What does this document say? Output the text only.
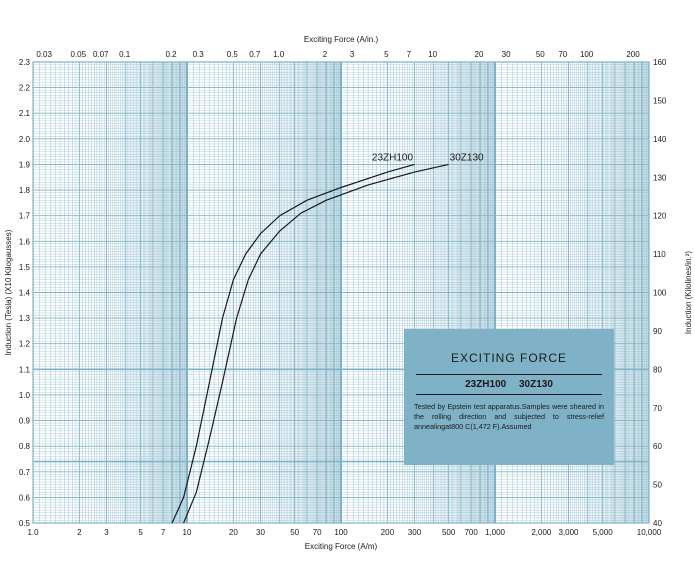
1.0	2	3	5 7 10	20 30	50 70 100	200 300	500 700 1,000	2,000 3,000 5,000	10,000
0.03 0.05 0.07 0.1	0.2 0.3	0.5 0.7 1.0	2	3	5 7 10	20 30	50 70 100	200
0.5
0.6
0.7
0.8
0.9
1.0
1.1
1.2
1.3
1.4
1.5
1.6
1.7
1.8
1.9
2.0
2.1
2.2
2.3
40
50
60
70
80
90
100
110
120
130
140
150
160
23ZH100	30Z130
Exciting Force (A/in.)
Exciting Force (A/m)
Induction (Tesla) (X10 Kilogausses)	Induction (Kilolines/in.²)
EXCITING FORCE
23ZH100 30Z130
Tested by Epstein test apparatus.Samples were sheared in the rolling direction and subjected to stress-relief annealingat800 C(1,472 F).Assumed
